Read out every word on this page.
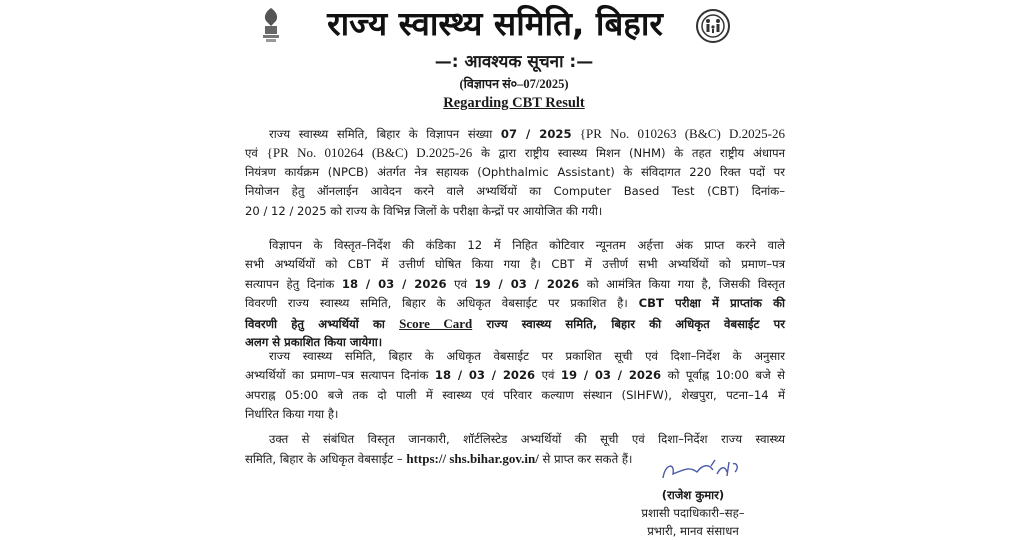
राज्य स्वास्थ्य समिति, बिहार
—: आवश्यक सूचना :—
(विज्ञापन सं०–07/2025)
Regarding CBT Result
राज्य स्वास्थ्य समिति, बिहार के विज्ञापन संख्या 07 / 2025 {PR No. 010263 (B&C) D.2025-26
एवं {PR No. 010264 (B&C) D.2025-26 के द्वारा राष्ट्रीय स्वास्थ्य मिशन (NHM) के तहत राष्ट्रीय अंधापन
नियंत्रण कार्यक्रम (NPCB) अंतर्गत नेत्र सहायक (Ophthalmic Assistant) के संविदागत 220 रिक्त पदों पर
नियोजन हेतु ऑनलाईन आवेदन करने वाले अभ्यर्थियों का Computer Based Test (CBT) दिनांक–
20 / 12 / 2025 को राज्य के विभिन्न जिलों के परीक्षा केन्द्रों पर आयोजित की गयी।
विज्ञापन के विस्तृत–निर्देश की कंडिका 12 में निहित कोटिवार न्यूनतम अर्हत्ता अंक प्राप्त करने वाले
सभी अभ्यर्थियों को CBT में उत्तीर्ण घोषित किया गया है। CBT में उत्तीर्ण सभी अभ्यर्थियों को प्रमाण–पत्र
सत्यापन हेतु दिनांक 18 / 03 / 2026 एवं 19 / 03 / 2026 को आमंत्रित किया गया है, जिसकी विस्तृत
विवरणी राज्य स्वास्थ्य समिति, बिहार के अधिकृत वेबसाईट पर प्रकाशित है। CBT परीक्षा में प्राप्तांक की
विवरणी हेतु अभ्यर्थियों का Score Card राज्य स्वास्थ्य समिति, बिहार की अधिकृत वेबसाईट पर
अलग से प्रकाशित किया जायेगा।
राज्य स्वास्थ्य समिति, बिहार के अधिकृत वेबसाईट पर प्रकाशित सूची एवं दिशा–निर्देश के अनुसार
अभ्यर्थियों का प्रमाण–पत्र सत्यापन दिनांक 18 / 03 / 2026 एवं 19 / 03 / 2026 को पूर्वाह्न 10:00 बजे से
अपराह्न 05:00 बजे तक दो पाली में स्वास्थ्य एवं परिवार कल्याण संस्थान (SIHFW), शेखपुरा, पटना–14 में
निर्धारित किया गया है।
उक्त से संबंधित विस्तृत जानकारी, शॉर्टलिस्टेड अभ्यर्थियों की सूची एवं दिशा–निर्देश राज्य स्वास्थ्य
समिति, बिहार के अधिकृत वेबसाईट – https:// shs.bihar.gov.in/ से प्राप्त कर सकते हैं।
(राजेश कुमार)
प्रशासी पदाधिकारी–सह–
प्रभारी, मानव संसाधन
